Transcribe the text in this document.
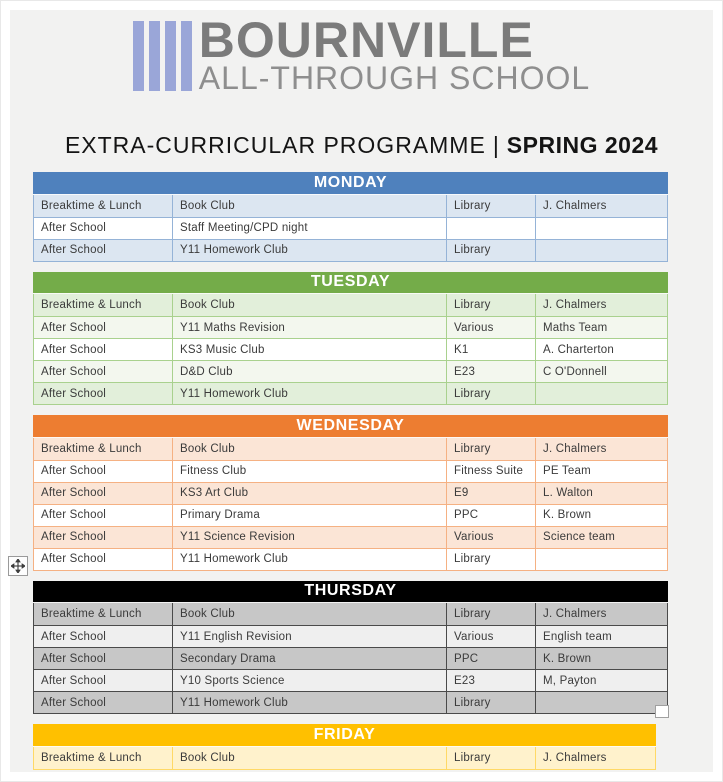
BOURNVILLE
ALL-THROUGH SCHOOL
EXTRA-CURRICULAR PROGRAMME | SPRING 2024
MONDAY
Breaktime & Lunch	Book Club	Library	J. Chalmers
After School	Staff Meeting/CPD night
After School	Y11 Homework Club	Library
TUESDAY
Breaktime & Lunch	Book Club	Library	J. Chalmers
After School	Y11 Maths Revision	Various	Maths Team
After School	KS3 Music Club	K1	A. Charterton
After School	D&D Club	E23	C O'Donnell
After School	Y11 Homework Club	Library
WEDNESDAY
Breaktime & Lunch	Book Club	Library	J. Chalmers
After School	Fitness Club	Fitness Suite	PE Team
After School	KS3 Art Club	E9	L. Walton
After School	Primary Drama	PPC	K. Brown
After School	Y11 Science Revision	Various	Science team
After School	Y11 Homework Club	Library
THURSDAY
Breaktime & Lunch	Book Club	Library	J. Chalmers
After School	Y11 English Revision	Various	English team
After School	Secondary Drama	PPC	K. Brown
After School	Y10 Sports Science	E23	M, Payton
After School	Y11 Homework Club	Library
FRIDAY
Breaktime & Lunch	Book Club	Library	J. Chalmers
